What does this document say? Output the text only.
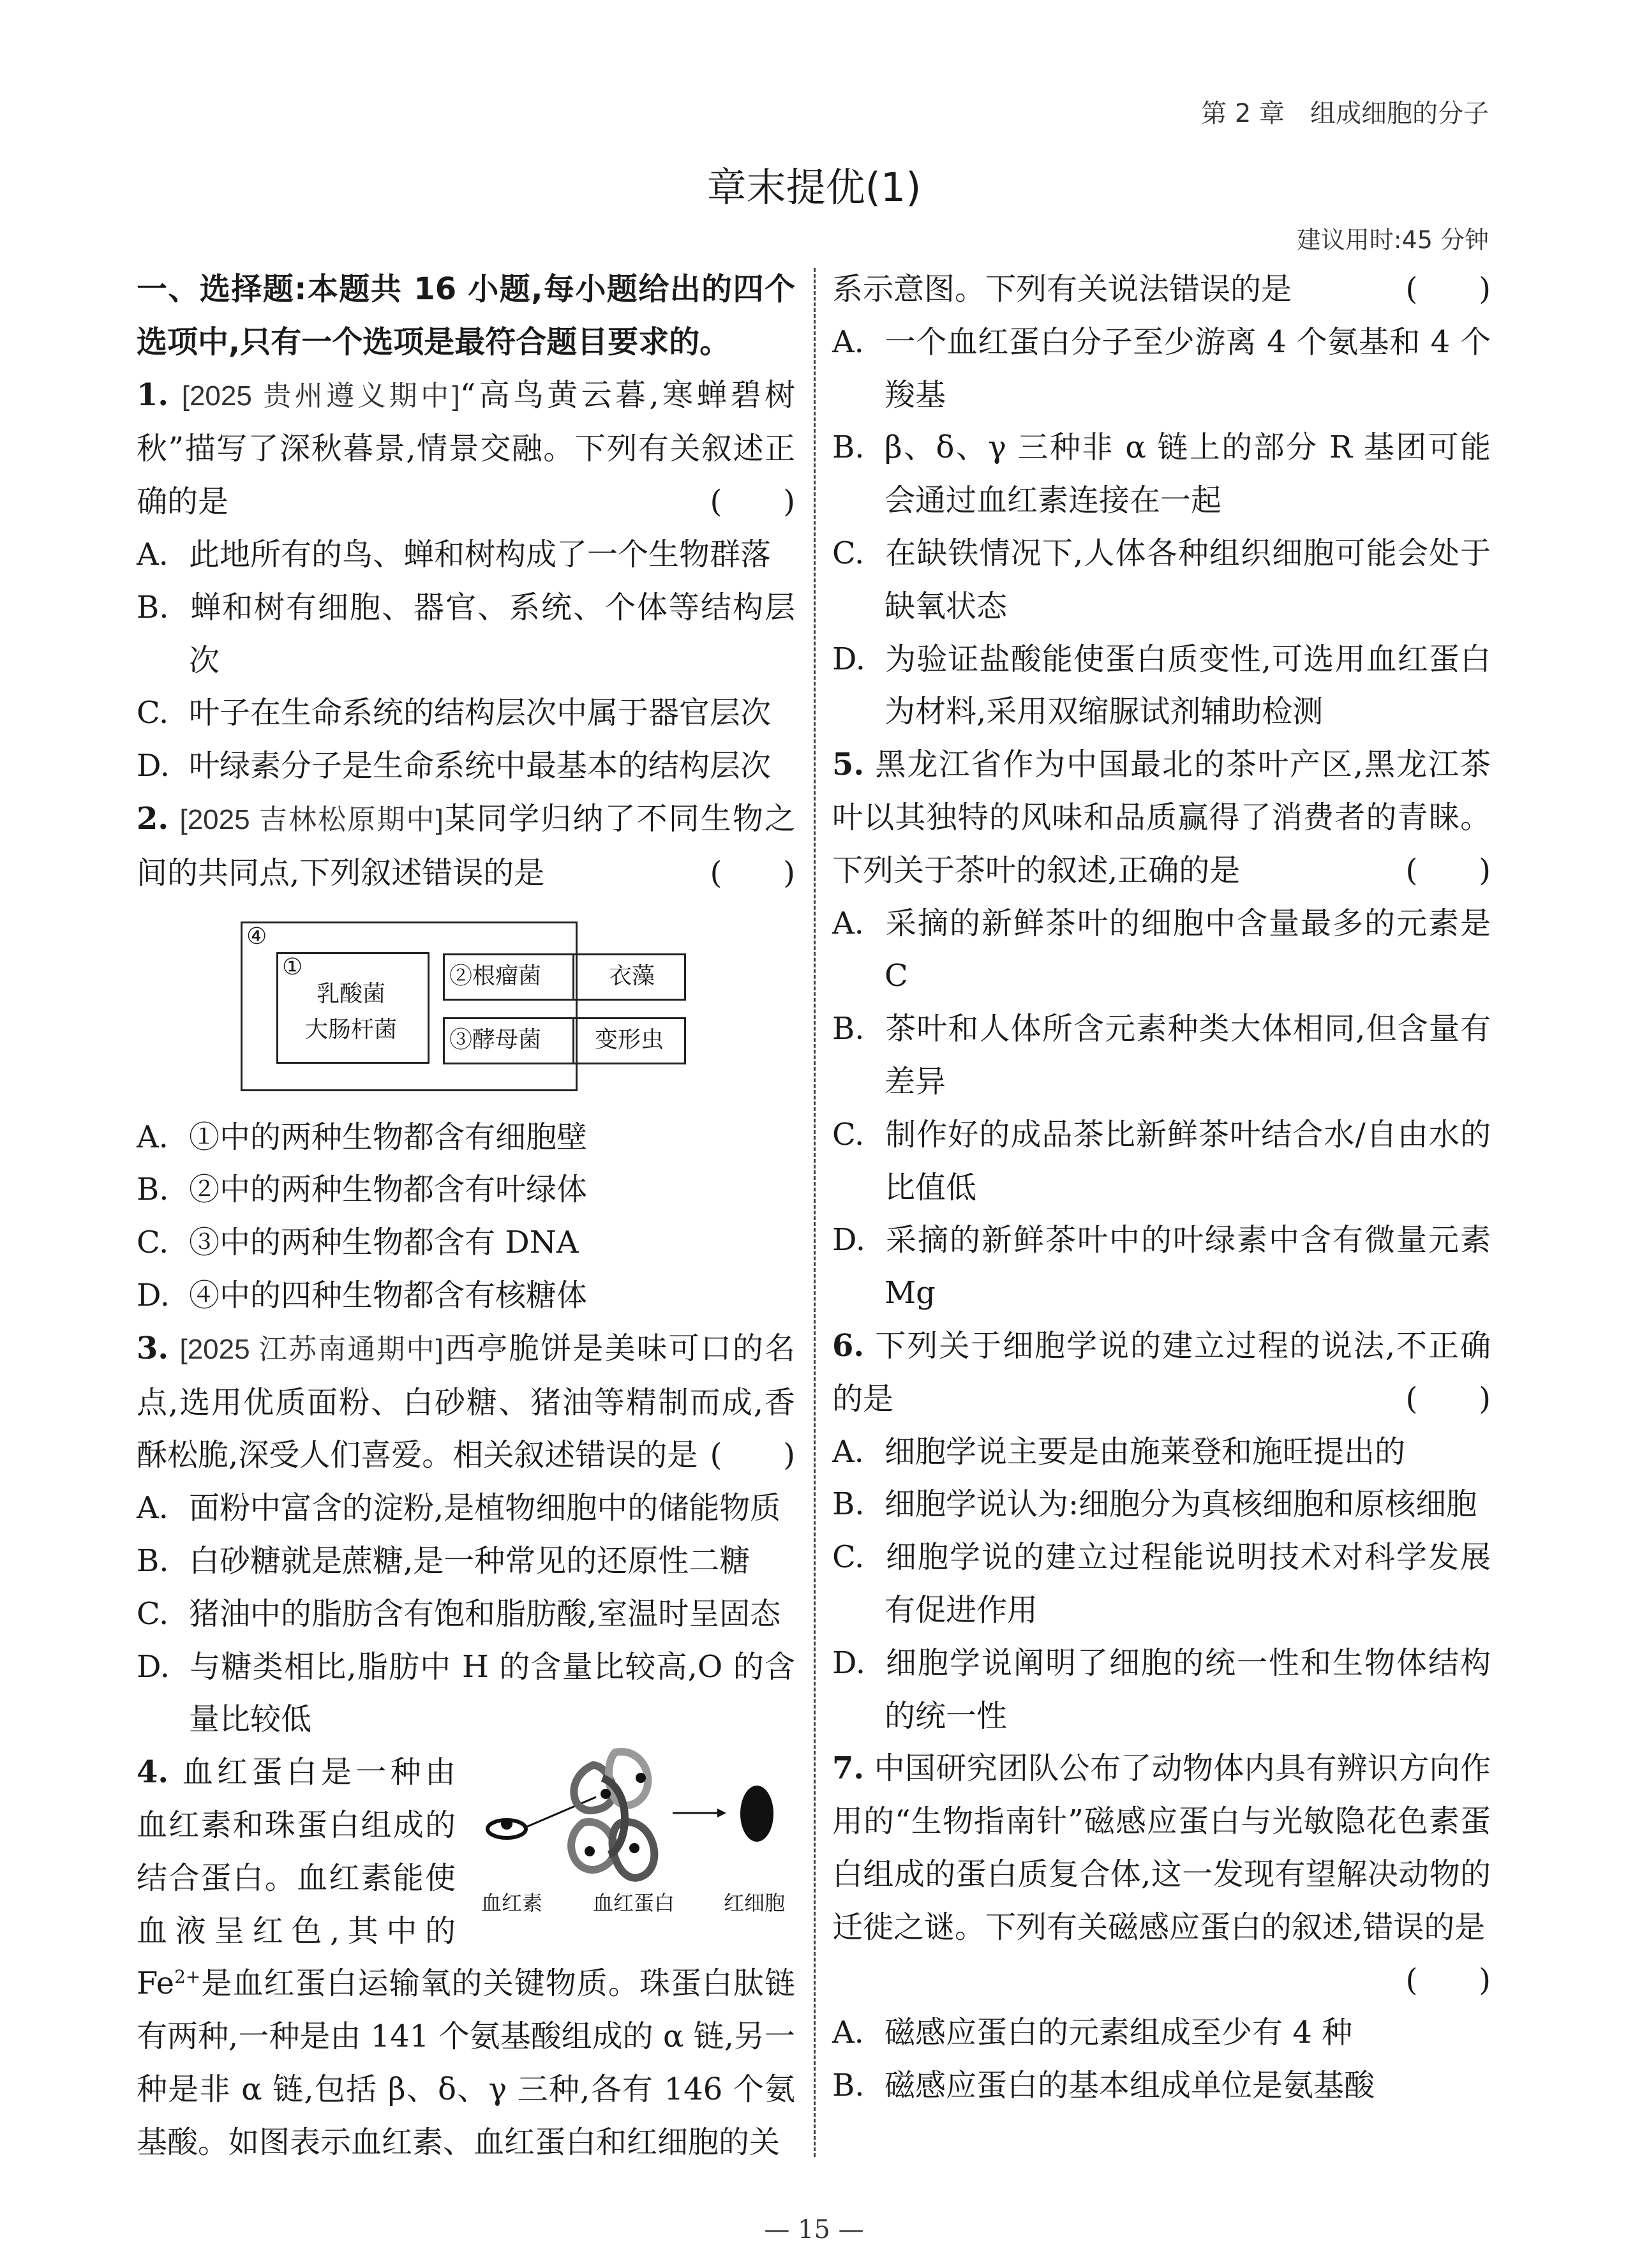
第 2 章　组成细胞的分子
章末提优(1)
建议用时:45 分钟
一、选择题:本题共 16 小题,每小题给出的四个选项中,只有一个选项是最符合题目要求的。
1. [2025 贵州遵义期中]“高鸟黄云暮,寒蝉碧树秋”描写了深秋暮景,情景交融。下列有关叙述正确的是	(　　)
A. 此地所有的鸟、蝉和树构成了一个生物群落
B. 蝉和树有细胞、器官、系统、个体等结构层次
C. 叶子在生命系统的结构层次中属于器官层次
D. 叶绿素分子是生命系统中最基本的结构层次
2. [2025 吉林松原期中]某同学归纳了不同生物之间的共同点,下列叙述错误的是	(　　)
④
①
乳酸菌
大肠杆菌
②根瘤菌	衣藻
③酵母菌 变形虫
A. ①中的两种生物都含有细胞壁
B. ②中的两种生物都含有叶绿体
C. ③中的两种生物都含有 DNA
D. ④中的四种生物都含有核糖体
3. [2025 江苏南通期中]西亭脆饼是美味可口的名点,选用优质面粉、白砂糖、猪油等精制而成,香酥松脆,深受人们喜爱。相关叙述错误的是 (　　)
A. 面粉中富含的淀粉,是植物细胞中的储能物质
B. 白砂糖就是蔗糖,是一种常见的还原性二糖
C. 猪油中的脂肪含有饱和脂肪酸,室温时呈固态
D. 与糖类相比,脂肪中 H 的含量比较高,O 的含量比较低
4. 血红蛋白是一种由
血红素和珠蛋白组成的
结合蛋白。血红素能使
血液呈红色,其中的
血红素 血红蛋白 红细胞
$Fe^{2+}$是血红蛋白运输氧的关键物质。珠蛋白肽链有两种,一种是由 141 个氨基酸组成的 α 链,另一种是非 α 链,包括 β、δ、γ 三种,各有 146 个氨基酸。如图表示血红素、血红蛋白和红细胞的关
系示意图。下列有关说法错误的是	(　　)
A. 一个血红蛋白分子至少游离 4 个氨基和 4 个羧基
B. β、δ、γ 三种非 α 链上的部分 R 基团可能会通过血红素连接在一起
C. 在缺铁情况下,人体各种组织细胞可能会处于缺氧状态
D. 为验证盐酸能使蛋白质变性,可选用血红蛋白为材料,采用双缩脲试剂辅助检测
5. 黑龙江省作为中国最北的茶叶产区,黑龙江茶叶以其独特的风味和品质赢得了消费者的青睐。下列关于茶叶的叙述,正确的是	(　　)
A. 采摘的新鲜茶叶的细胞中含量最多的元素是 C
B. 茶叶和人体所含元素种类大体相同,但含量有差异
C. 制作好的成品茶比新鲜茶叶结合水/自由水的比值低
D. 采摘的新鲜茶叶中的叶绿素中含有微量元素 Mg
6. 下列关于细胞学说的建立过程的说法,不正确的是	(　　)
A. 细胞学说主要是由施莱登和施旺提出的
B. 细胞学说认为:细胞分为真核细胞和原核细胞
C. 细胞学说的建立过程能说明技术对科学发展有促进作用
D. 细胞学说阐明了细胞的统一性和生物体结构的统一性
7. 中国研究团队公布了动物体内具有辨识方向作用的“生物指南针”磁感应蛋白与光敏隐花色素蛋白组成的蛋白质复合体,这一发现有望解决动物的迁徙之谜。下列有关磁感应蛋白的叙述,错误的是
(　　)
A. 磁感应蛋白的元素组成至少有 4 种
B. 磁感应蛋白的基本组成单位是氨基酸
— 15 —
